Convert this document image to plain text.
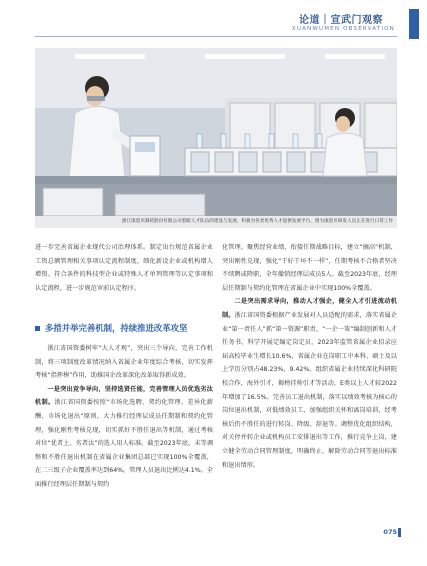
论道｜宣武门观察
XUANWUMEN OBSERVATION
浙江康恩贝制药股份有限公司着眼人才队伍的建设与发展，积极为各类优秀人才提供发展平台，图为康恩贝研发人员正在进行日常工作

进一步完善省属企业现代公司治理体系。制定出台规范省属企业工资总额管理相关事项认定流程制度，细化新设企业或机构增人增资、符合条件的科技型企业或特殊人才单列管理等认定事项和认定流程，进一步规范审前认定程序。

多措并举完善机制，持续推进改革攻坚

浙江省国资委树牢“大人才观”，突出三个导向，完善工作机制，将三项制度改革情况纳入省属企业年度综合考核，切实发挥考核“指挥棒”作用，助推国企改革深化改革取得新成效。

一是突出竞争导向，坚持选贤任能，完善管理人员优选劣汰机制。浙江省国资委按照“市场化选聘、契约化管理、差异化薪酬、市场化退出”原则，大力推行经理层成员任期制和契约化管理，强化刚性考核兑现，切实抓好不胜任退出等机制，通过考核对位“优者上、劣者汰”的选人用人标准。截至2023年底，末等调整和不胜任退出机制在省属企业集团总部已实现100%全覆盖，在二三级子企业覆盖率达到64%。管理人员退出比例达4.1%。全面推行经理层任期制与契约

化管理。聚焦经营业绩，衔接任期战略目标，建立“摘高”机制，突出刚性兑现，强化“干好干坏不一样”，任期考核不合格者坚决不续聘或降职，全年撤销经理层成员5人。截至2023年底，经理层任期制与契约化管理在省属企业中实现100%全覆盖。

二是突出需求导向，推动人才强企，健全人才引进流动机制。浙江省国资委根据产业发展对人员适配的需求，落实省属企业“第一责任人”抓“第一资源”职责，“一企一策”编制创新和人才任务书，科学开展定编定岗定员，2023年监管省属企业招录应届高校毕业生增长10.6%，省属企业在岗职工中本科、硕士及以上学历分别占48.23%、9.42%。组织省属企业持续深化科研院校合作，海外引才，揭榜挂帅引才等活动，E类以上人才较2022年增加了16.5%。完善员工退出机制，落实以绩效考核为核心的岗位退出机制，对低绩效员工，加强组织关怀和离岗培训，经考核后仍不胜任的进行转岗、降级、辞退等。调整优化组织结构，对关停并转企业或机构员工安排退出等工作，推行竞争上岗，建立健全劳动合同管理制度，明确终止、解除劳动合同等退出标准和退出情形。

075
